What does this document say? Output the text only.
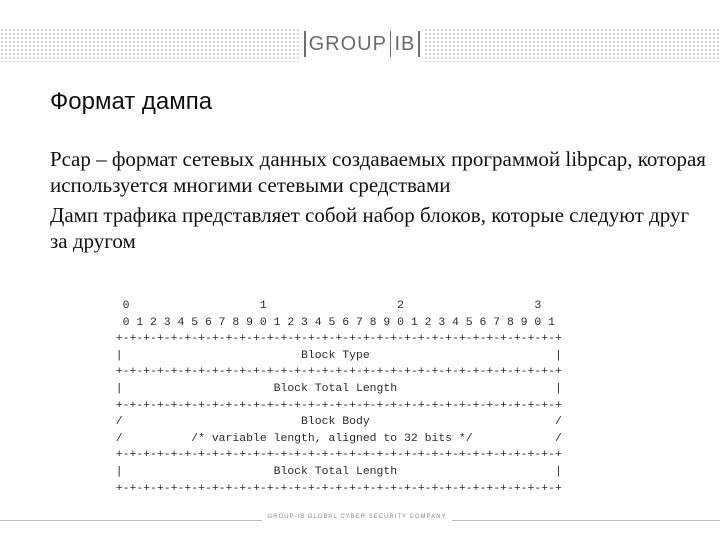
GROUP IB
Формат дампа

Pcap – формат сетевых данных создаваемых программой libpcap, которая используется многими сетевыми средствами

Дамп трафика представляет собой набор блоков, которые следуют друг за другом

0                   1                   2                   3
0 1 2 3 4 5 6 7 8 9 0 1 2 3 4 5 6 7 8 9 0 1 2 3 4 5 6 7 8 9 0 1
+-+-+-+-+-+-+-+-+-+-+-+-+-+-+-+-+-+-+-+-+-+-+-+-+-+-+-+-+-+-+-+-+
|                          Block Type                           |
+-+-+-+-+-+-+-+-+-+-+-+-+-+-+-+-+-+-+-+-+-+-+-+-+-+-+-+-+-+-+-+-+
|                      Block Total Length                       |
+-+-+-+-+-+-+-+-+-+-+-+-+-+-+-+-+-+-+-+-+-+-+-+-+-+-+-+-+-+-+-+-+
/                          Block Body                           /
/          /* variable length, aligned to 32 bits */            /
+-+-+-+-+-+-+-+-+-+-+-+-+-+-+-+-+-+-+-+-+-+-+-+-+-+-+-+-+-+-+-+-+
|                      Block Total Length                       |
+-+-+-+-+-+-+-+-+-+-+-+-+-+-+-+-+-+-+-+-+-+-+-+-+-+-+-+-+-+-+-+-+
GROUP-IB GLOBAL CYBER SECURITY COMPANY
